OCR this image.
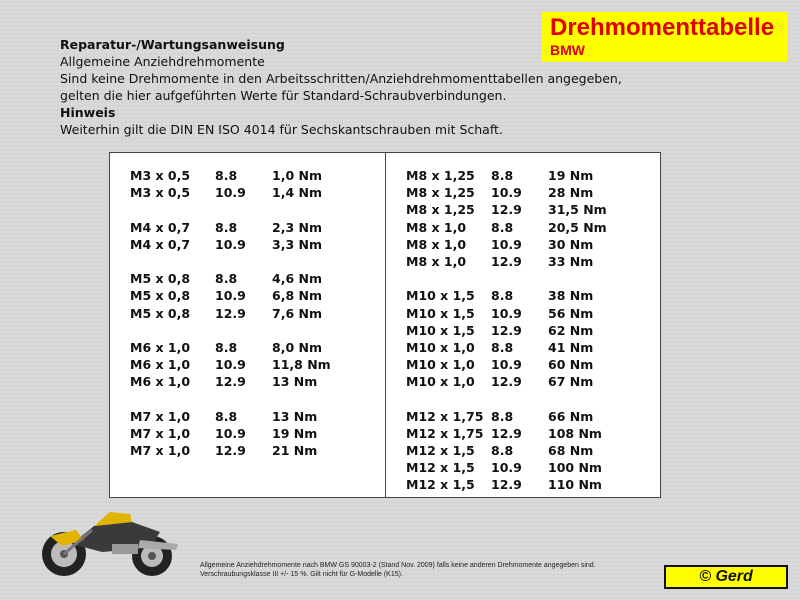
Drehmomenttabelle
BMW
Reparatur-/Wartungsanweisung
Allgemeine Anziehdrehmomente
Sind keine Drehmomente in den Arbeitsschritten/Anziehdrehmomenttabellen angegeben,
gelten die hier aufgeführten Werte für Standard-Schraubverbindungen.
Hinweis
Weiterhin gilt die DIN EN ISO 4014 für Sechskantschrauben mit Schaft.
M3 x 0,5 8.8	1,0 Nm
M3 x 0,5 10.9 1,4 Nm
M4 x 0,7 8.8	2,3 Nm
M4 x 0,7 10.9 3,3 Nm
M5 x 0,8 8.8	4,6 Nm
M5 x 0,8 10.9 6,8 Nm
M5 x 0,8 12.9 7,6 Nm
M6 x 1,0 8.8	8,0 Nm
M6 x 1,0 10.9 11,8 Nm
M6 x 1,0 12.9 13 Nm
M7 x 1,0 8.8	13 Nm
M7 x 1,0 10.9 19 Nm
M7 x 1,0 12.9 21 Nm
M8 x 1,25 8.8	19 Nm
M8 x 1,25 10.9 28 Nm
M8 x 1,25 12.9 31,5 Nm
M8 x 1,0 8.8	20,5 Nm
M8 x 1,0 10.9 30 Nm
M8 x 1,0 12.9 33 Nm
M10 x 1,5 8.8	38 Nm
M10 x 1,5 10.9 56 Nm
M10 x 1,5 12.9 62 Nm
M10 x 1,0 8.8	41 Nm
M10 x 1,0 10.9 60 Nm
M10 x 1,0 12.9 67 Nm
M12 x 1,75 8.8	66 Nm
M12 x 1,75 12.9 108 Nm
M12 x 1,5 8.8	68 Nm
M12 x 1,5 10.9 100 Nm
M12 x 1,5 12.9 110 Nm
Allgemeine Anziehdrehmomente nach BMW GS 90003-2 (Stand Nov. 2009) falls keine anderen Drehmomente angegeben sind.
Verschraubungsklasse III +/- 15 %. Gilt nicht für G-Modelle (K15).	© Gerd
